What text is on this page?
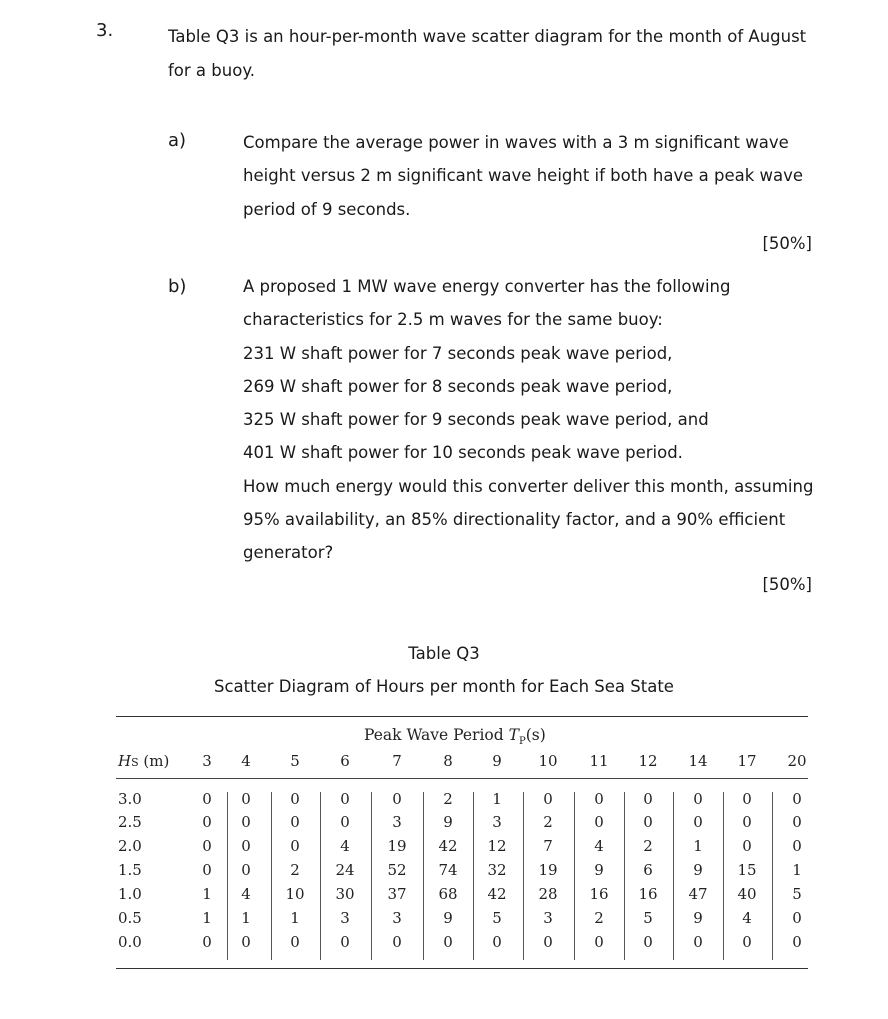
3.	Table Q3 is an hour-per-month wave scatter diagram for the month of August
for a buoy.
a)	Compare the average power in waves with a 3 m significant wave
height versus 2 m significant wave height if both have a peak wave
period of 9 seconds.
[50%]
b)	A proposed 1 MW wave energy converter has the following
characteristics for 2.5 m waves for the same buoy:
231 W shaft power for 7 seconds peak wave period,
269 W shaft power for 8 seconds peak wave period,
325 W shaft power for 9 seconds peak wave period, and
401 W shaft power for 10 seconds peak wave period.
How much energy would this converter deliver this month, assuming
95% availability, an 85% directionality factor, and a 90% efficient
generator?
[50%]
Table Q3
Scatter Diagram of Hours per month for Each Sea State
Peak Wave Period $T_P(s)$
HS (m)	3	4	5	6	7	8	9	10	11	12	14	17	20
3.0	0	0	0	0	0	2	1	0	0	0	0	0	0
2.5	0	0	0	0	3	9	3	2	0	0	0	0	0
2.0	0	0	0	4	19	42	12	7	4	2	1	0	0
1.5	0	0	2	24	52	74	32	19	9	6	9	15	1
1.0	1	4	10	30	37	68	42	28	16	16	47	40	5
0.5	1	1	1	3	3	9	5	3	2	5	9	4	0
0.0	0	0	0	0	0	0	0	0	0	0	0	0	0
